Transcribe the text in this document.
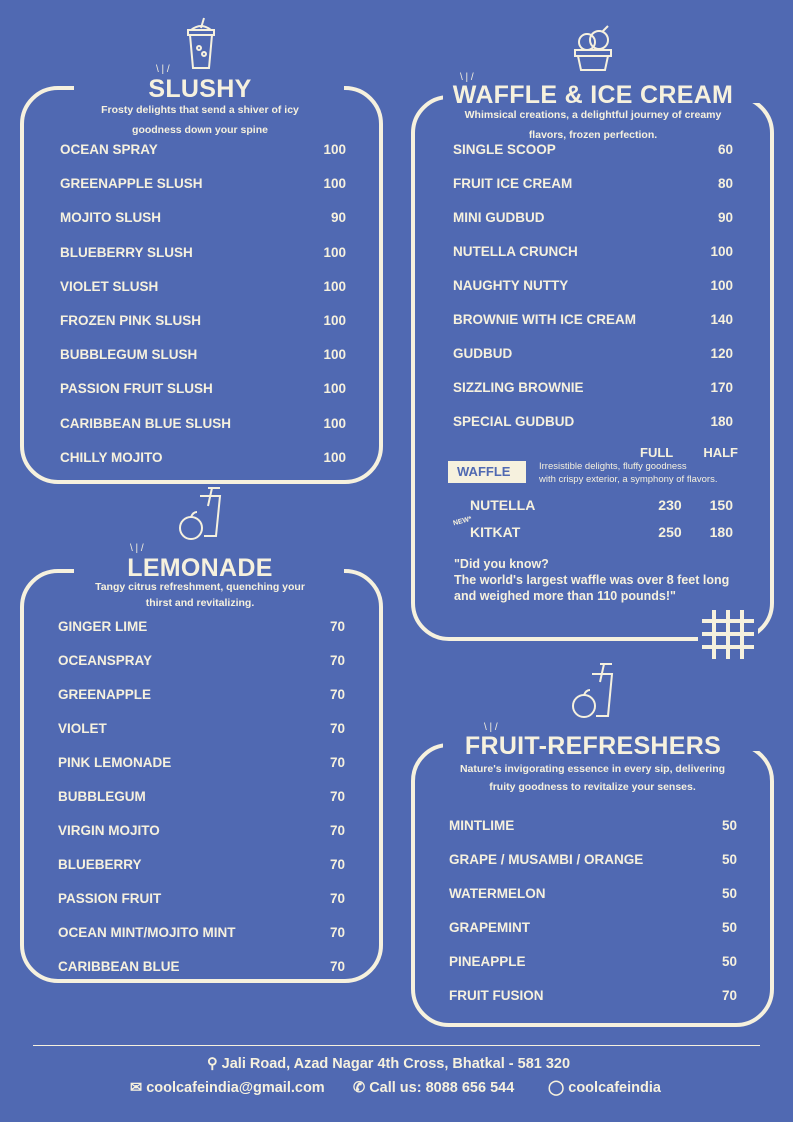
\ | /
SLUSHY
Frosty delights that send a shiver of icy
goodness down your spine
OCEAN SPRAY	100
GREENAPPLE SLUSH	100
MOJITO SLUSH	90
BLUEBERRY SLUSH	100
VIOLET SLUSH	100
FROZEN PINK SLUSH	100
BUBBLEGUM SLUSH	100
PASSION FRUIT SLUSH	100
CARIBBEAN BLUE SLUSH	100
CHILLY MOJITO	100
\ | /
LEMONADE
Tangy citrus refreshment, quenching your
thirst and revitalizing.
GINGER LIME	70
OCEANSPRAY	70
GREENAPPLE	70
VIOLET	70
PINK LEMONADE	70
BUBBLEGUM	70
VIRGIN MOJITO	70
BLUEBERRY	70
PASSION FRUIT	70
OCEAN MINT/MOJITO MINT	70
CARIBBEAN BLUE	70
\ | /
WAFFLE & ICE CREAM
Whimsical creations, a delightful journey of creamy
flavors, frozen perfection.
SINGLE SCOOP	60
FRUIT ICE CREAM	80
MINI GUDBUD	90
NUTELLA CRUNCH	100
NAUGHTY NUTTY	100
BROWNIE WITH ICE CREAM	140
GUDBUD	120
SIZZLING BROWNIE	170
SPECIAL GUDBUD	180
FULL HALF
WAFFLE	Irresistible delights, fluffy goodness
with crispy exterior, a symphony of flavors.
NUTELLA	230 150
NEW*
KITKAT	250 180
"Did you know?
The world's largest waffle was over 8 feet long
and weighed more than 110 pounds!"
\ | /
FRUIT-REFRESHERS
Nature's invigorating essence in every sip, delivering
fruity goodness to revitalize your senses.
MINTLIME	50
GRAPE / MUSAMBI / ORANGE	50
WATERMELON	50
GRAPEMINT	50
PINEAPPLE	50
FRUIT FUSION	70
⚲ Jali Road, Azad Nagar 4th Cross, Bhatkal - 581 320
✉ coolcafeindia@gmail.com ✆ Call us: 8088 656 544 ◯ coolcafeindia
